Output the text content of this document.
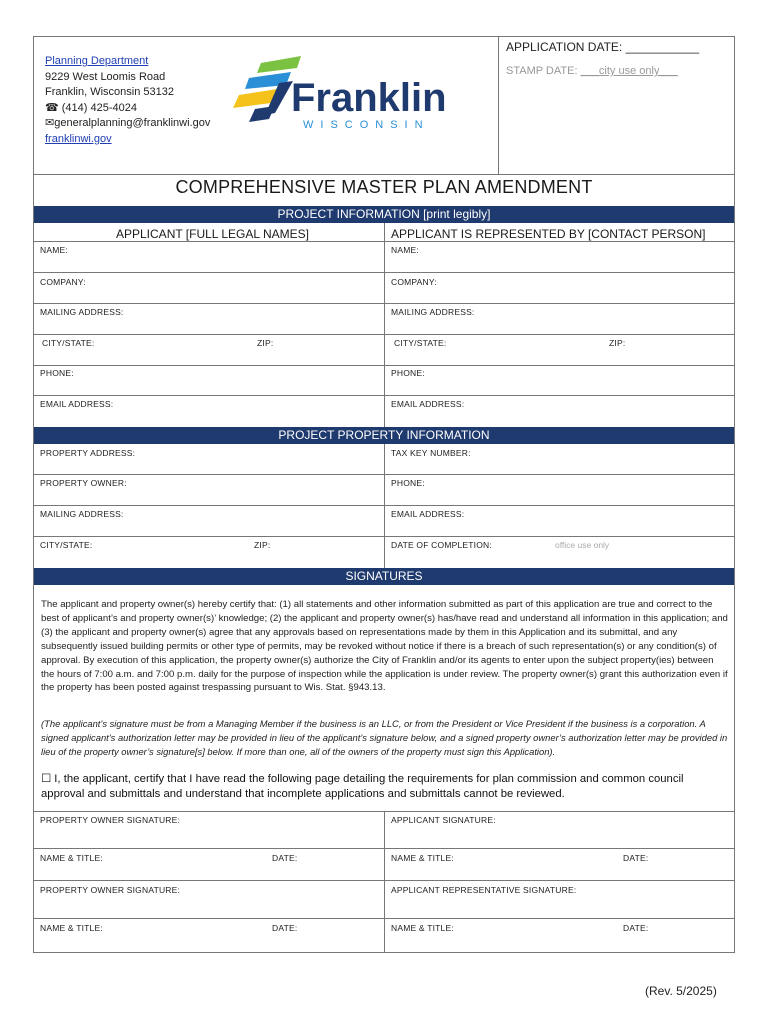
Planning Department
9229 West Loomis Road
Franklin, Wisconsin 53132
☎ (414) 425-4024
✉generalplanning@franklinwi.gov
franklinwi.gov
Franklin
WISCONSIN
APPLICATION DATE: ___________
STAMP DATE: ___city use only___
COMPREHENSIVE MASTER PLAN AMENDMENT
PROJECT INFORMATION [print legibly]
APPLICANT [FULL LEGAL NAMES]	APPLICANT IS REPRESENTED BY [CONTACT PERSON]
NAME:	NAME:
COMPANY:	COMPANY:
MAILING ADDRESS:	MAILING ADDRESS:
CITY/STATE:	ZIP:	CITY/STATE:	ZIP:
PHONE:	PHONE:
EMAIL ADDRESS:	EMAIL ADDRESS:
PROJECT PROPERTY INFORMATION
PROPERTY ADDRESS:	TAX KEY NUMBER:
PROPERTY OWNER:	PHONE:
MAILING ADDRESS:	EMAIL ADDRESS:
CITY/STATE:	ZIP:	DATE OF COMPLETION:	office use only
SIGNATURES
The applicant and property owner(s) hereby certify that: (1) all statements and other information submitted as part of this application are true and correct to the best of applicant’s and property owner(s)’ knowledge; (2) the applicant and property owner(s) has/have read and understand all information in this application; and (3) the applicant and property owner(s) agree that any approvals based on representations made by them in this Application and its submittal, and any subsequently issued building permits or other type of permits, may be revoked without notice if there is a breach of such representation(s) or any condition(s) of approval. By execution of this application, the property owner(s) authorize the City of Franklin and/or its agents to enter upon the subject property(ies) between the hours of 7:00 a.m. and 7:00 p.m. daily for the purpose of inspection while the application is under review. The property owner(s) grant this authorization even if the property has been posted against trespassing pursuant to Wis. Stat. §943.13.
(The applicant’s signature must be from a Managing Member if the business is an LLC, or from the President or Vice President if the business is a corporation. A signed applicant’s authorization letter may be provided in lieu of the applicant’s signature below, and a signed property owner’s authorization letter may be provided in lieu of the property owner’s signature[s] below. If more than one, all of the owners of the property must sign this Application).
☐ I, the applicant, certify that I have read the following page detailing the requirements for plan commission and common council approval and submittals and understand that incomplete applications and submittals cannot be reviewed.
PROPERTY OWNER SIGNATURE:	APPLICANT SIGNATURE:
NAME & TITLE:	DATE:	NAME & TITLE:	DATE:
PROPERTY OWNER SIGNATURE:	APPLICANT REPRESENTATIVE SIGNATURE:
NAME & TITLE:	DATE:	NAME & TITLE:	DATE:
(Rev. 5/2025)
